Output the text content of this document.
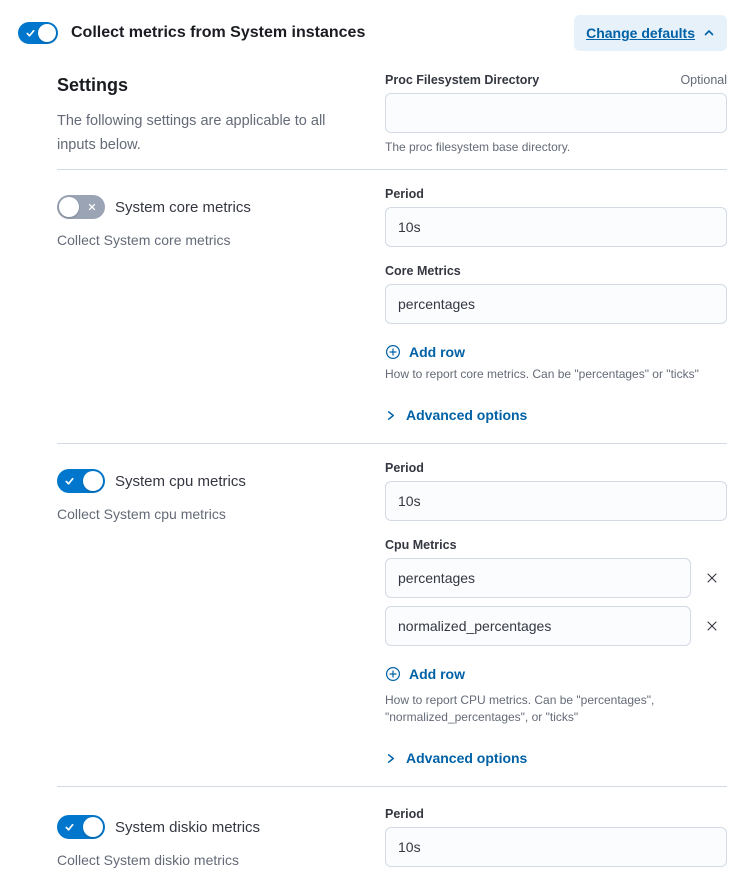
Collect metrics from System instances	Change defaults
Settings
The following settings are applicable to all inputs below.
Proc Filesystem Directory	Optional
The proc filesystem base directory.
System core metrics
Collect System core metrics
Period
10s
Core Metrics
percentages
Add row
How to report core metrics. Can be "percentages" or "ticks"
Advanced options
System cpu metrics
Collect System cpu metrics
Period
10s
Cpu Metrics
percentages
normalized_percentages
Add row
How to report CPU metrics. Can be "percentages", "normalized_percentages", or "ticks"
Advanced options
System diskio metrics
Collect System diskio metrics
Period
10s
